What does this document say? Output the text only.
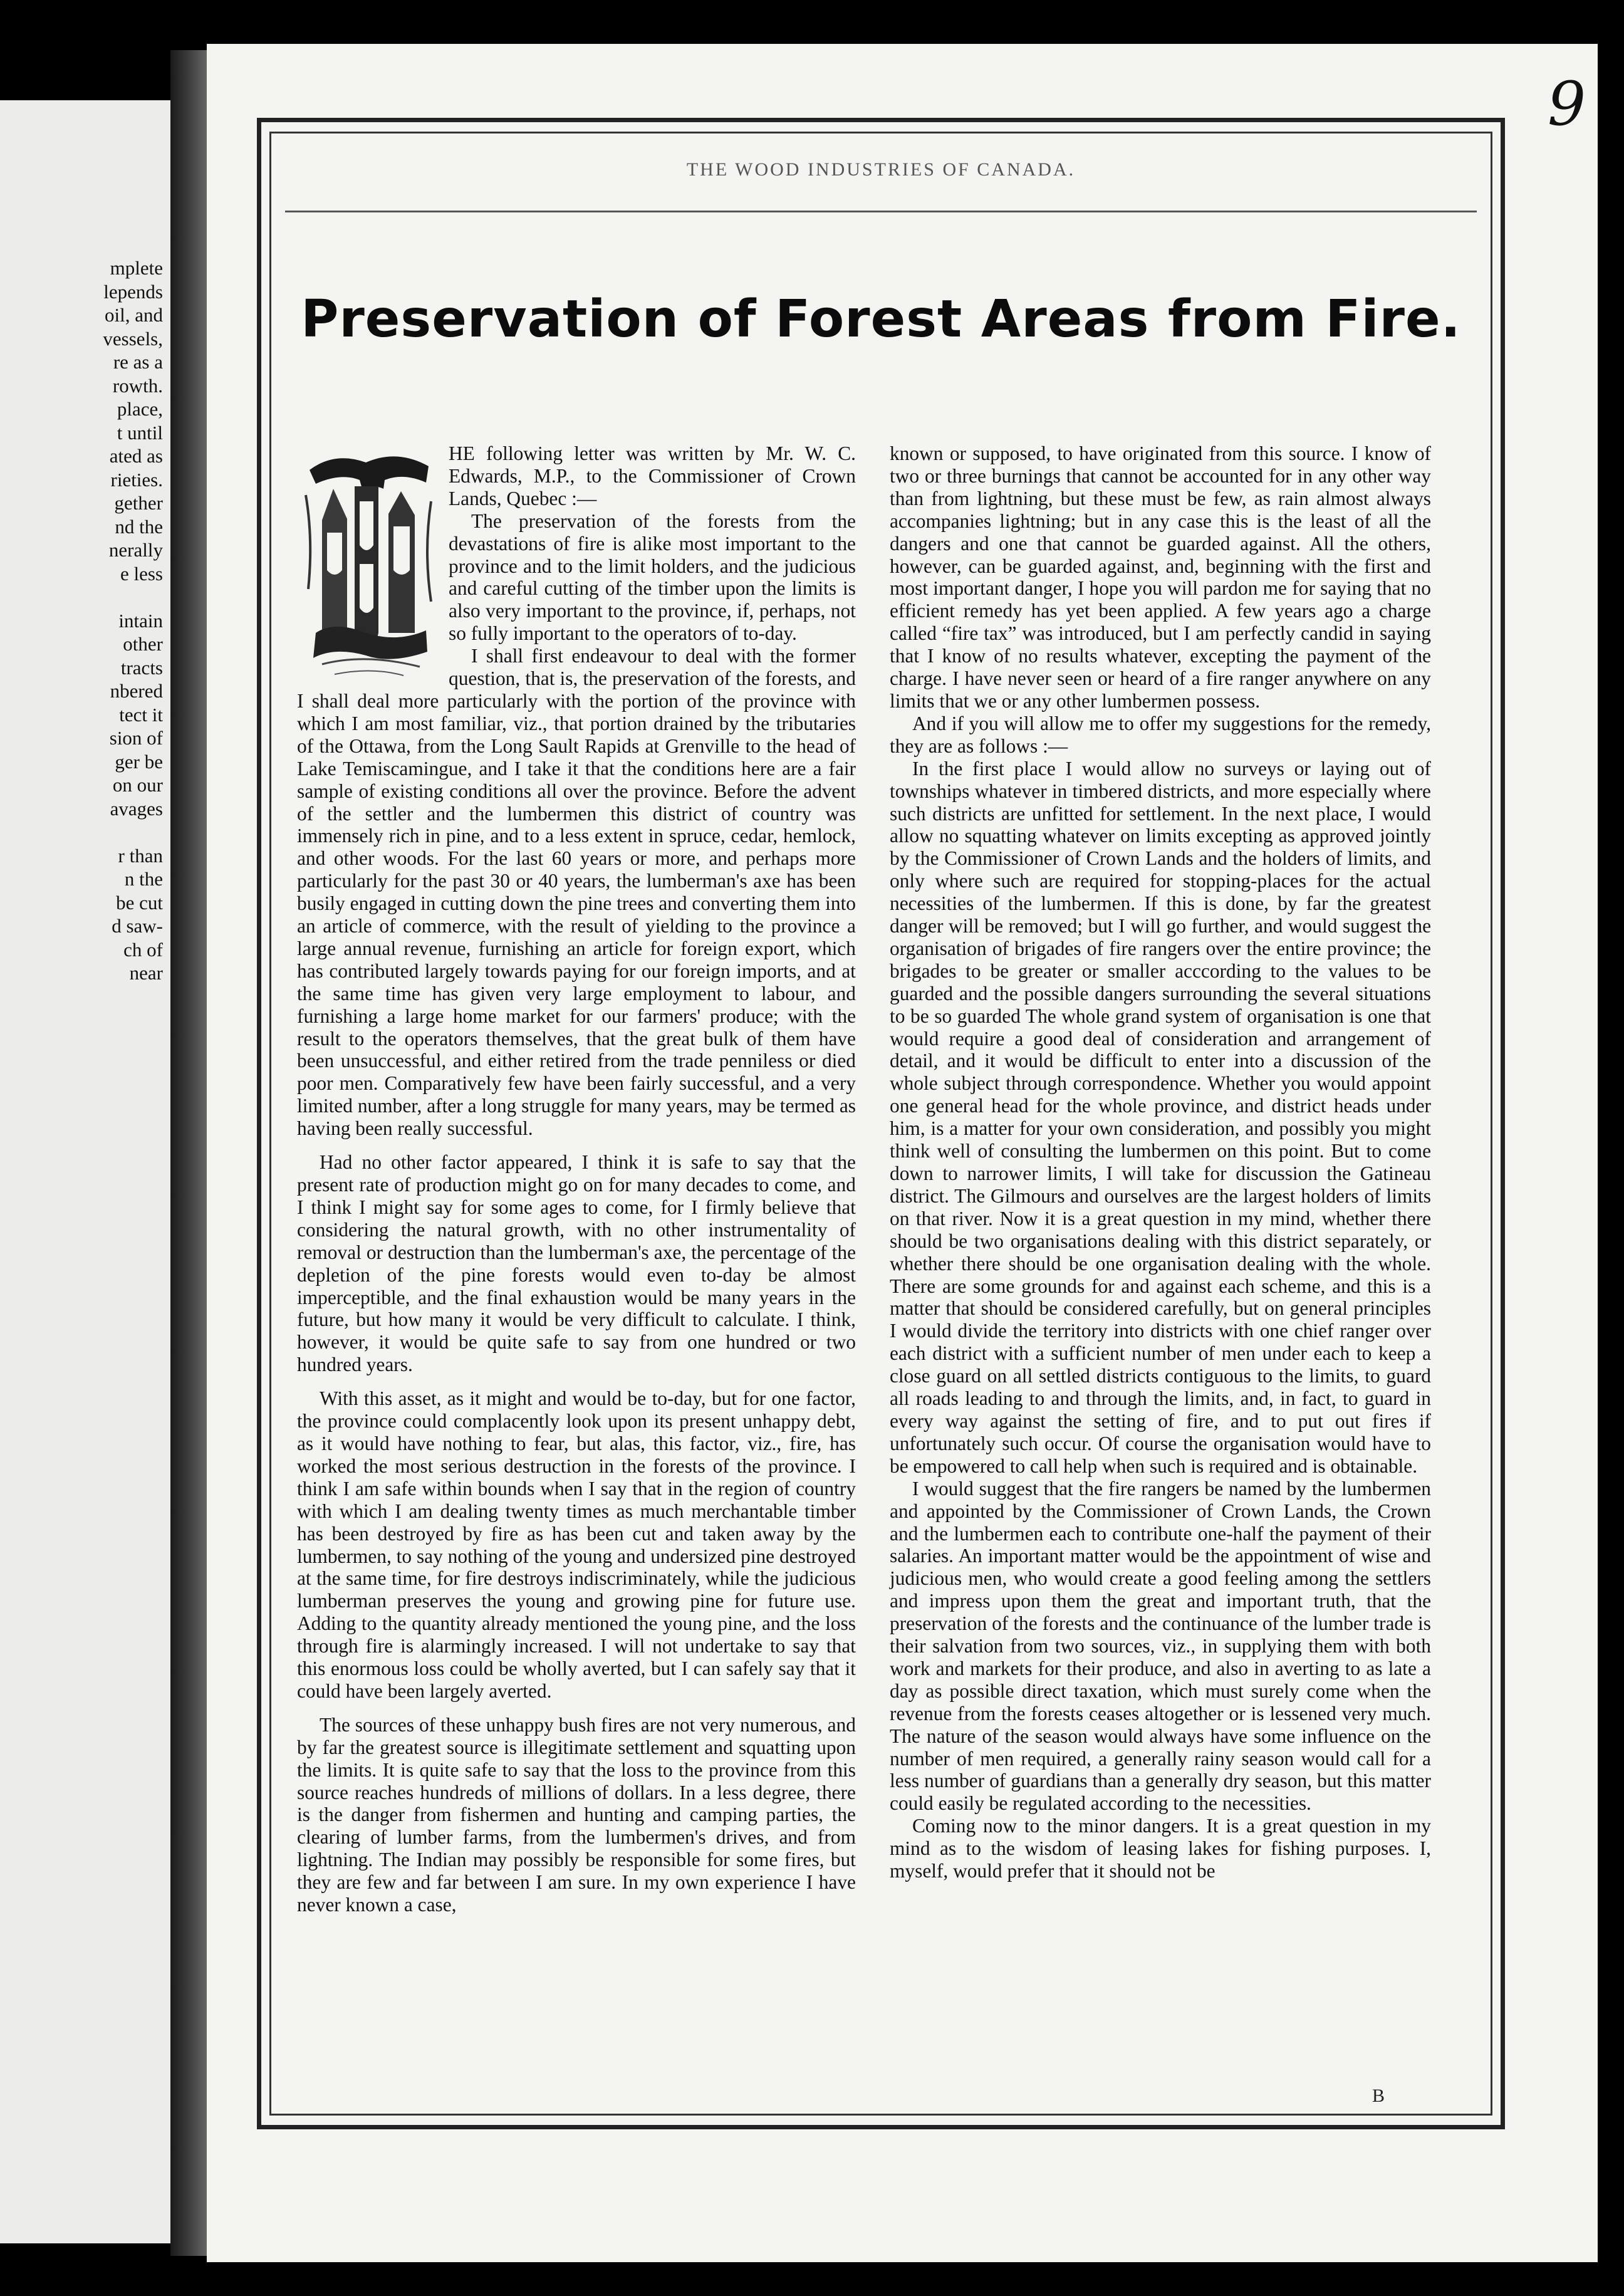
mplete
lepends
oil, and
vessels,
re as a
rowth.
place,
t until
ated as
rieties.
gether
nd the
nerally
e less
intain
other
tracts
nbered
tect it
sion of
ger be
on our
avages
r than
n the
be cut
d saw-
ch of
near
9
THE WOOD INDUSTRIES OF CANADA.
Preservation of Forest Areas from Fire.

HE following letter was written by Mr. W. C. Edwards, M.P., to the Commissioner of Crown Lands, Quebec :—

The preservation of the forests from the devastations of fire is alike most important to the province and to the limit holders, and the judicious and careful cutting of the timber upon the limits is also very important to the province, if, perhaps, not so fully important to the operators of to-day.

I shall first endeavour to deal with the former question, that is, the preservation of the forests, and I shall deal more particularly with the portion of the province with which I am most familiar, viz., that portion drained by the tributaries of the Ottawa, from the Long Sault Rapids at Grenville to the head of Lake Temiscamingue, and I take it that the conditions here are a fair sample of existing conditions all over the province. Before the advent of the settler and the lumbermen this district of country was immensely rich in pine, and to a less extent in spruce, cedar, hemlock, and other woods. For the last 60 years or more, and perhaps more particularly for the past 30 or 40 years, the lumberman's axe has been busily engaged in cutting down the pine trees and converting them into an article of commerce, with the result of yielding to the province a large annual revenue, furnishing an article for foreign export, which has contributed largely towards paying for our foreign imports, and at the same time has given very large employment to labour, and furnishing a large home market for our farmers' produce; with the result to the operators themselves, that the great bulk of them have been unsuccessful, and either retired from the trade penniless or died poor men. Comparatively few have been fairly successful, and a very limited number, after a long struggle for many years, may be termed as having been really successful.

Had no other factor appeared, I think it is safe to say that the present rate of production might go on for many decades to come, and I think I might say for some ages to come, for I firmly believe that considering the natural growth, with no other instrumentality of removal or destruction than the lumberman's axe, the percentage of the depletion of the pine forests would even to-day be almost imperceptible, and the final exhaustion would be many years in the future, but how many it would be very difficult to calculate. I think, however, it would be quite safe to say from one hundred or two hundred years.

With this asset, as it might and would be to-day, but for one factor, the province could complacently look upon its present unhappy debt, as it would have nothing to fear, but alas, this factor, viz., fire, has worked the most serious destruction in the forests of the province. I think I am safe within bounds when I say that in the region of country with which I am dealing twenty times as much merchantable timber has been destroyed by fire as has been cut and taken away by the lumbermen, to say nothing of the young and undersized pine destroyed at the same time, for fire destroys indiscriminately, while the judicious lumberman preserves the young and growing pine for future use. Adding to the quantity already mentioned the young pine, and the loss through fire is alarmingly increased. I will not undertake to say that this enormous loss could be wholly averted, but I can safely say that it could have been largely averted.

The sources of these unhappy bush fires are not very numerous, and by far the greatest source is illegitimate settlement and squatting upon the limits. It is quite safe to say that the loss to the province from this source reaches hundreds of millions of dollars. In a less degree, there is the danger from fishermen and hunting and camping parties, the clearing of lumber farms, from the lumbermen's drives, and from lightning. The Indian may possibly be responsible for some fires, but they are few and far between I am sure. In my own experience I have never known a case,

known or supposed, to have originated from this source. I know of two or three burnings that cannot be accounted for in any other way than from lightning, but these must be few, as rain almost always accompanies lightning; but in any case this is the least of all the dangers and one that cannot be guarded against. All the others, however, can be guarded against, and, beginning with the first and most important danger, I hope you will pardon me for saying that no efficient remedy has yet been applied. A few years ago a charge called “fire tax” was introduced, but I am perfectly candid in saying that I know of no results whatever, excepting the payment of the charge. I have never seen or heard of a fire ranger anywhere on any limits that we or any other lumbermen possess.

And if you will allow me to offer my suggestions for the remedy, they are as follows :—

In the first place I would allow no surveys or laying out of townships whatever in timbered districts, and more especially where such districts are unfitted for settlement. In the next place, I would allow no squatting whatever on limits excepting as approved jointly by the Commissioner of Crown Lands and the holders of limits, and only where such are required for stopping-places for the actual necessities of the lumbermen. If this is done, by far the greatest danger will be removed; but I will go further, and would suggest the organisation of brigades of fire rangers over the entire province; the brigades to be greater or smaller acccording to the values to be guarded and the possible dangers surrounding the several situations to be so guarded The whole grand system of organisation is one that would require a good deal of consideration and arrangement of detail, and it would be difficult to enter into a discussion of the whole subject through correspondence. Whether you would appoint one general head for the whole province, and district heads under him, is a matter for your own consideration, and possibly you might think well of consulting the lumbermen on this point. But to come down to narrower limits, I will take for discussion the Gatineau district. The Gilmours and ourselves are the largest holders of limits on that river. Now it is a great question in my mind, whether there should be two organisations dealing with this district separately, or whether there should be one organisation dealing with the whole. There are some grounds for and against each scheme, and this is a matter that should be considered carefully, but on general principles I would divide the territory into districts with one chief ranger over each district with a sufficient number of men under each to keep a close guard on all settled districts contiguous to the limits, to guard all roads leading to and through the limits, and, in fact, to guard in every way against the setting of fire, and to put out fires if unfortunately such occur. Of course the organisation would have to be empowered to call help when such is required and is obtainable.

I would suggest that the fire rangers be named by the lumbermen and appointed by the Commissioner of Crown Lands, the Crown and the lumbermen each to contribute one-half the payment of their salaries. An important matter would be the appointment of wise and judicious men, who would create a good feeling among the settlers and impress upon them the great and important truth, that the preservation of the forests and the continuance of the lumber trade is their salvation from two sources, viz., in supplying them with both work and markets for their produce, and also in averting to as late a day as possible direct taxation, which must surely come when the revenue from the forests ceases altogether or is lessened very much. The nature of the season would always have some influence on the number of men required, a generally rainy season would call for a less number of guardians than a generally dry season, but this matter could easily be regulated according to the necessities.

Coming now to the minor dangers. It is a great question in my mind as to the wisdom of leasing lakes for fishing purposes. I, myself, would prefer that it should not be

B
